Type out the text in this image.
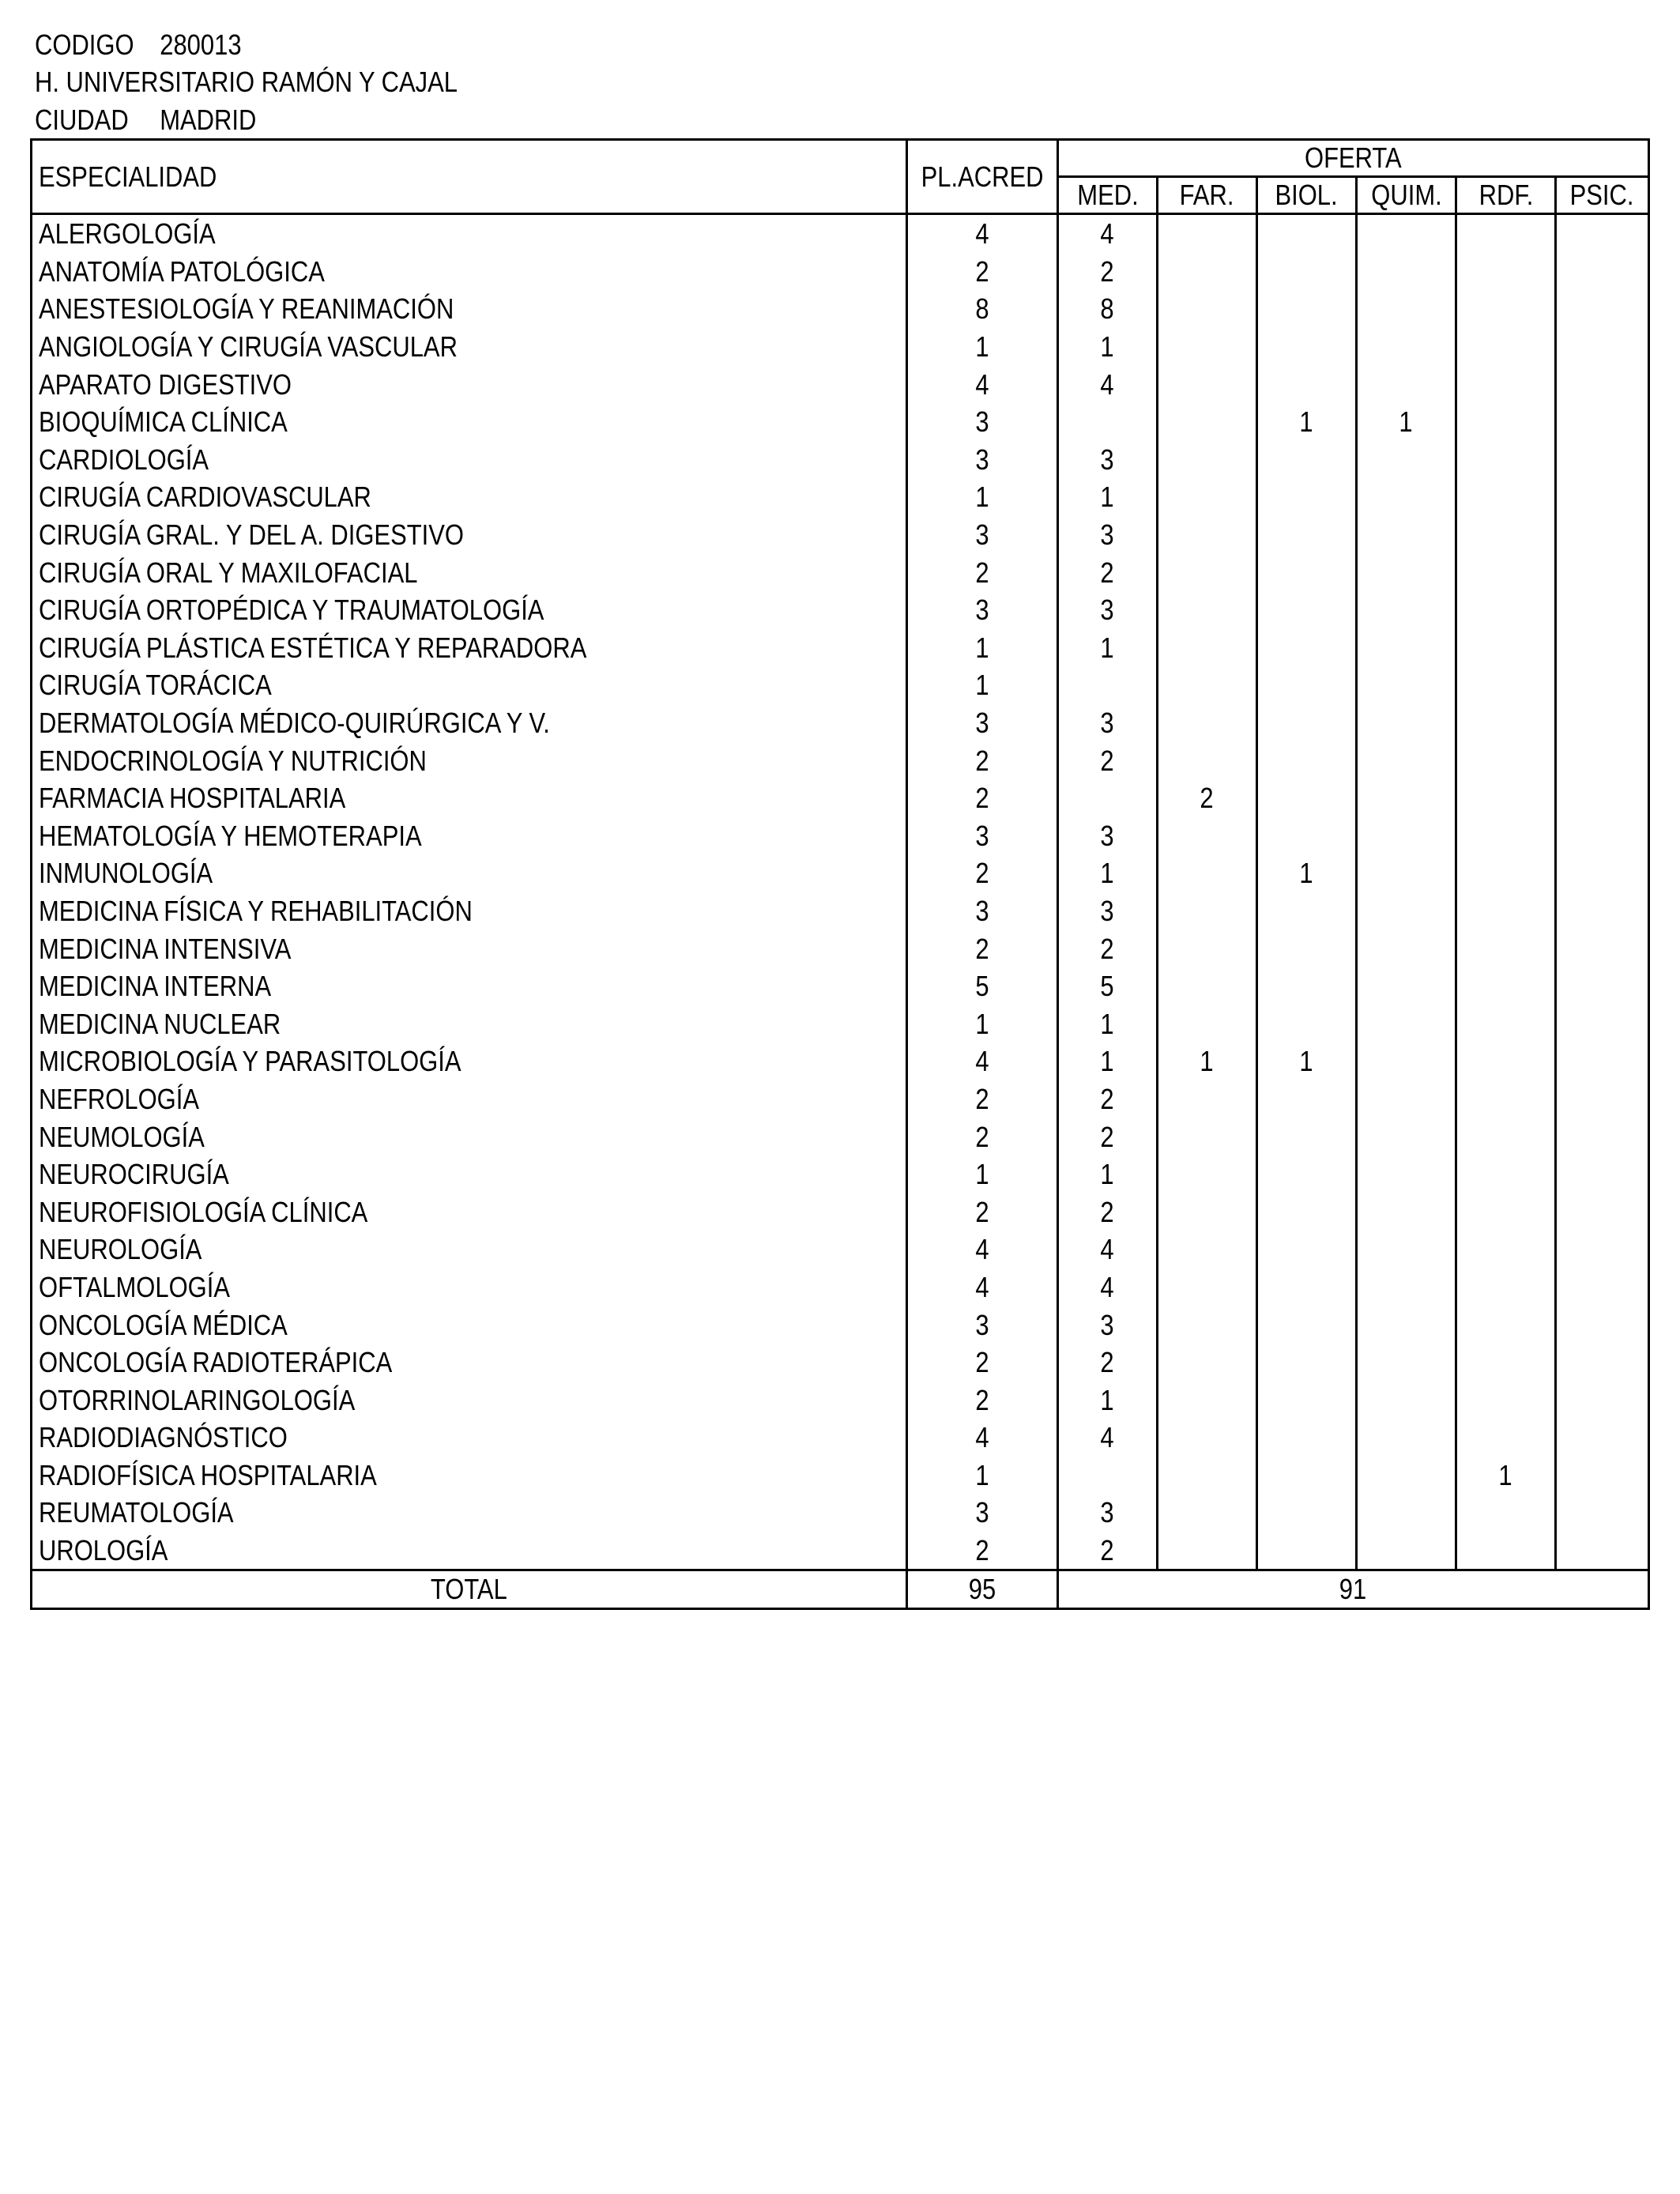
CODIGO 280013
H. UNIVERSITARIO RAMÓN Y CAJAL
CIUDAD MADRID
ESPECIALIDAD	PL.ACRED	OFERTA					
		MED.	FAR.	BIOL.	QUIM.	RDF.	PSIC.
ALERGOLOGÍA	4	4					
ANATOMÍA PATOLÓGICA	2	2					
ANESTESIOLOGÍA Y REANIMACIÓN	8	8					
ANGIOLOGÍA Y CIRUGÍA VASCULAR	1	1					
APARATO DIGESTIVO	4	4					
BIOQUÍMICA CLÍNICA	3			1	1		
CARDIOLOGÍA	3	3					
CIRUGÍA CARDIOVASCULAR	1	1					
CIRUGÍA GRAL. Y DEL A. DIGESTIVO	3	3					
CIRUGÍA ORAL Y MAXILOFACIAL	2	2					
CIRUGÍA ORTOPÉDICA Y TRAUMATOLOGÍA	3	3					
CIRUGÍA PLÁSTICA ESTÉTICA Y REPARADORA	1	1					
CIRUGÍA TORÁCICA	1						
DERMATOLOGÍA MÉDICO-QUIRÚRGICA Y V.	3	3					
ENDOCRINOLOGÍA Y NUTRICIÓN	2	2					
FARMACIA HOSPITALARIA	2		2				
HEMATOLOGÍA Y HEMOTERAPIA	3	3					
INMUNOLOGÍA	2	1		1			
MEDICINA FÍSICA Y REHABILITACIÓN	3	3					
MEDICINA INTENSIVA	2	2					
MEDICINA INTERNA	5	5					
MEDICINA NUCLEAR	1	1					
MICROBIOLOGÍA Y PARASITOLOGÍA	4	1	1	1			
NEFROLOGÍA	2	2					
NEUMOLOGÍA	2	2					
NEUROCIRUGÍA	1	1					
NEUROFISIOLOGÍA CLÍNICA	2	2					
NEUROLOGÍA	4	4					
OFTALMOLOGÍA	4	4					
ONCOLOGÍA MÉDICA	3	3					
ONCOLOGÍA RADIOTERÁPICA	2	2					
OTORRINOLARINGOLOGÍA	2	1					
RADIODIAGNÓSTICO	4	4					
RADIOFÍSICA HOSPITALARIA	1					1	
REUMATOLOGÍA	3	3					
UROLOGÍA	2	2					
TOTAL	95	91					
